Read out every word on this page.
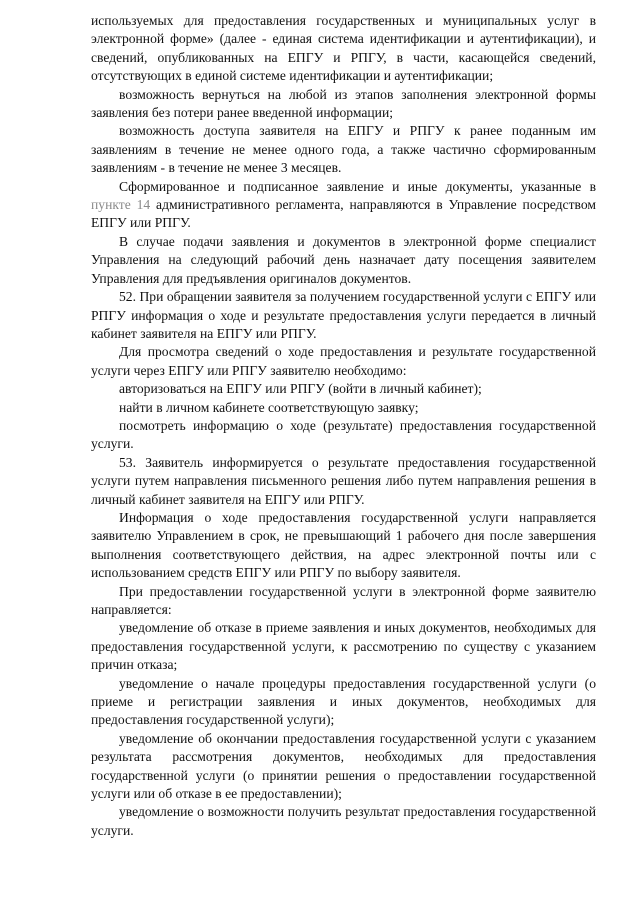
используемых для предоставления государственных и муниципальных услуг в электронной форме» (далее - единая система идентификации и аутентификации), и сведений, опубликованных на ЕПГУ и РПГУ, в части, касающейся сведений, отсутствующих в единой системе идентификации и аутентификации;

возможность вернуться на любой из этапов заполнения электронной формы заявления без потери ранее введенной информации;

возможность доступа заявителя на ЕПГУ и РПГУ к ранее поданным им заявлениям в течение не менее одного года, а также частично сформированным заявлениям - в течение не менее 3 месяцев.

Сформированное и подписанное заявление и иные документы, указанные в пункте 14 административного регламента, направляются в Управление посредством ЕПГУ или РПГУ.

В случае подачи заявления и документов в электронной форме специалист Управления на следующий рабочий день назначает дату посещения заявителем Управления для предъявления оригиналов документов.

52. При обращении заявителя за получением государственной услуги с ЕПГУ или РПГУ информация о ходе и результате предоставления услуги передается в личный кабинет заявителя на ЕПГУ или РПГУ.

Для просмотра сведений о ходе предоставления и результате государственной услуги через ЕПГУ или РПГУ заявителю необходимо:

авторизоваться на ЕПГУ или РПГУ (войти в личный кабинет);

найти в личном кабинете соответствующую заявку;

посмотреть информацию о ходе (результате) предоставления государственной услуги.

53. Заявитель информируется о результате предоставления государственной услуги путем направления письменного решения либо путем направления решения в личный кабинет заявителя на ЕПГУ или РПГУ.

Информация о ходе предоставления государственной услуги направляется заявителю Управлением в срок, не превышающий 1 рабочего дня после завершения выполнения соответствующего действия, на адрес электронной почты или с использованием средств ЕПГУ или РПГУ по выбору заявителя.

При предоставлении государственной услуги в электронной форме заявителю направляется:

уведомление об отказе в приеме заявления и иных документов, необходимых для предоставления государственной услуги, к рассмотрению по существу с указанием причин отказа;

уведомление о начале процедуры предоставления государственной услуги (о приеме и регистрации заявления и иных документов, необходимых для предоставления государственной услуги);

уведомление об окончании предоставления государственной услуги с указанием результата рассмотрения документов, необходимых для предоставления государственной услуги (о принятии решения о предоставлении государственной услуги или об отказе в ее предоставлении);

уведомление о возможности получить результат предоставления государственной услуги.
